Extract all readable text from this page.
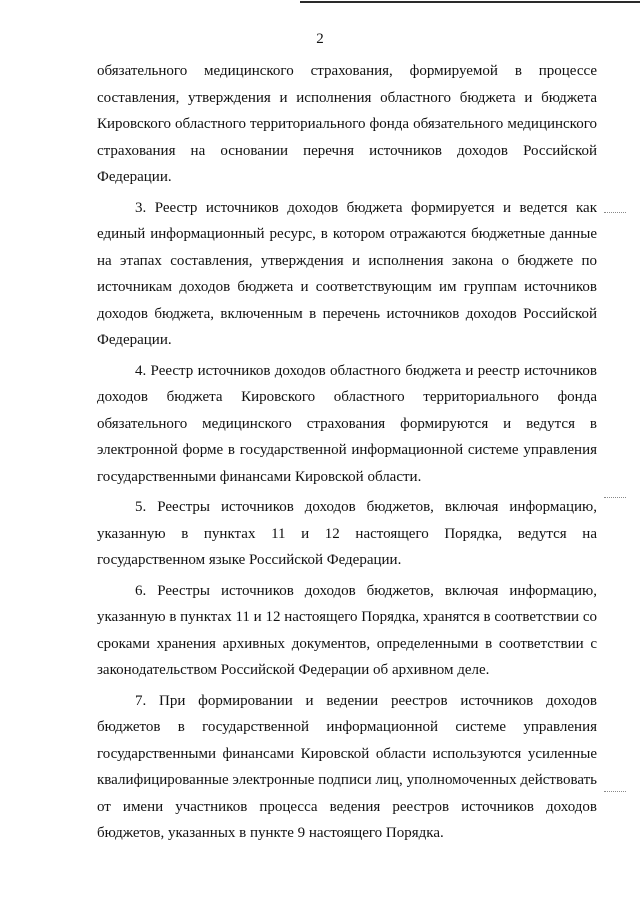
2

обязательного медицинского страхования, формируемой в процессе составления, утверждения и исполнения областного бюджета и бюджета Кировского областного территориального фонда обязательного медицинского страхования на основании перечня источников доходов Российской Федерации.

3. Реестр источников доходов бюджета формируется и ведется как единый информационный ресурс, в котором отражаются бюджетные данные на этапах составления, утверждения и исполнения закона о бюджете по источникам доходов бюджета и соответствующим им группам источников доходов бюджета, включенным в перечень источников доходов Российской Федерации.

4. Реестр источников доходов областного бюджета и реестр источников доходов бюджета Кировского областного территориального фонда обязательного медицинского страхования формируются и ведутся в электронной форме в государственной информационной системе управления государственными финансами Кировской области.

5. Реестры источников доходов бюджетов, включая информацию, указанную в пунктах 11 и 12 настоящего Порядка, ведутся на государственном языке Российской Федерации.

6. Реестры источников доходов бюджетов, включая информацию, указанную в пунктах 11 и 12 настоящего Порядка, хранятся в соответствии со сроками хранения архивных документов, определенными в соответствии с законодательством Российской Федерации об архивном деле.

7. При формировании и ведении реестров источников доходов бюджетов в государственной информационной системе управления государственными финансами Кировской области используются усиленные квалифицированные электронные подписи лиц, уполномоченных действовать от имени участников процесса ведения реестров источников доходов бюджетов, указанных в пункте 9 настоящего Порядка.
